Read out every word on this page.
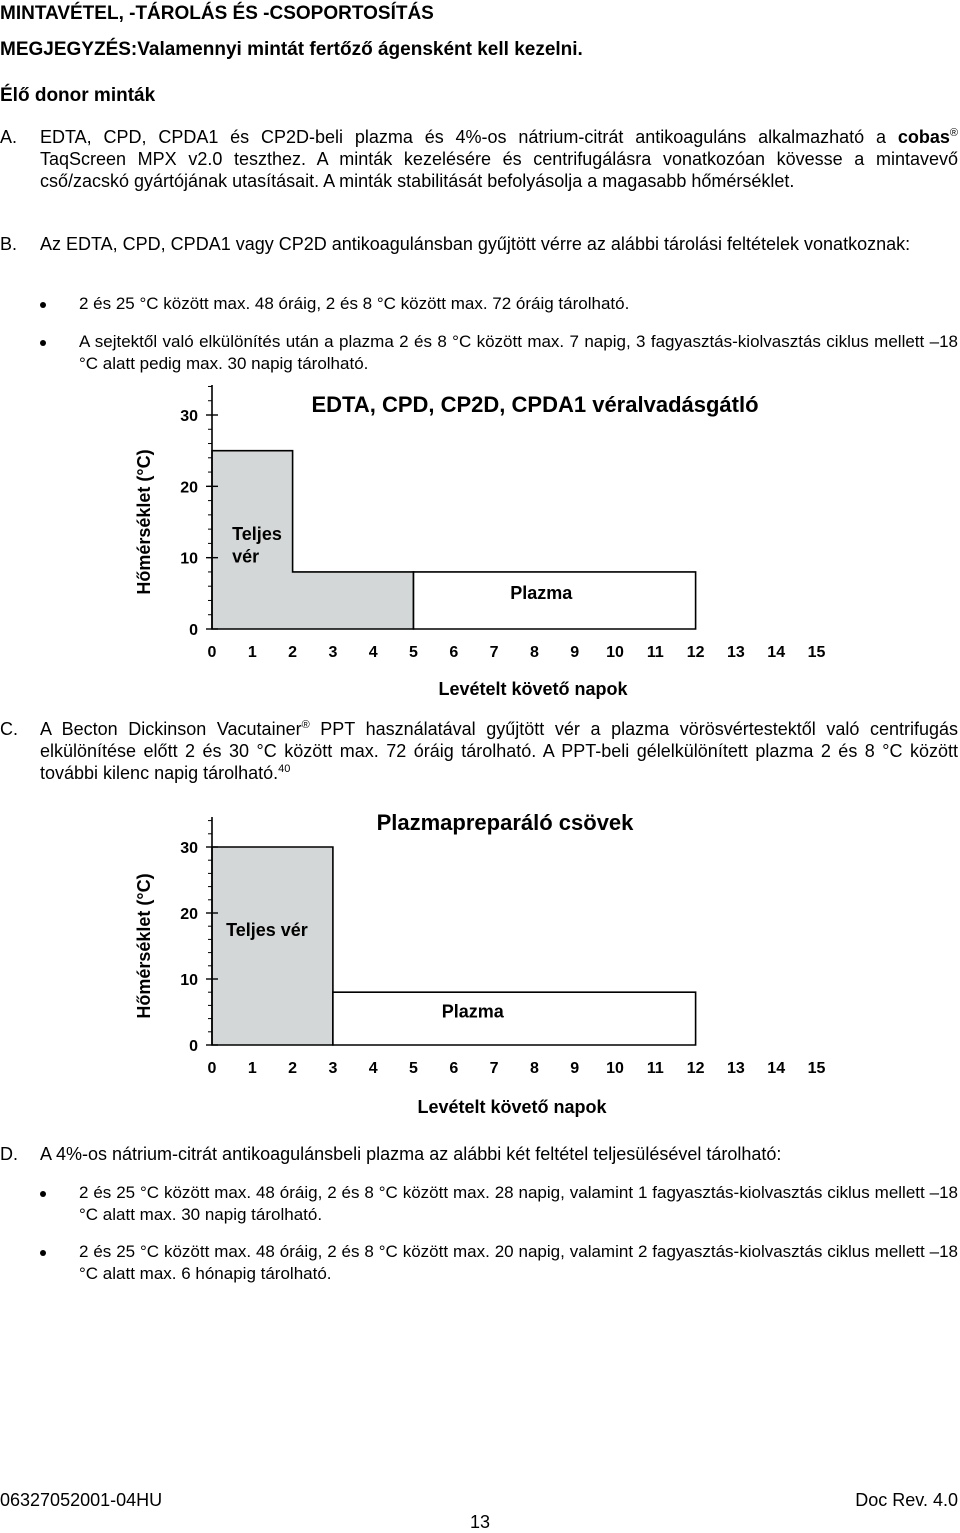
MINTAVÉTEL, -TÁROLÁS ÉS -CSOPORTOSÍTÁS
MEGJEGYZÉS:Valamennyi mintát fertőző ágensként kell kezelni.
Élő donor minták
A. EDTA, CPD, CPDA1 és CP2D-beli plazma és 4%-os nátrium-citrát antikoaguláns alkalmazható a cobas® TaqScreen MPX v2.0 teszthez. A minták kezelésére és centrifugálásra vonatkozóan kövesse a mintavevő cső/zacskó gyártójának utasításait. A minták stabilitását befolyásolja a magasabb hőmérséklet.
B. Az EDTA, CPD, CPDA1 vagy CP2D antikoagulánsban gyűjtött vérre az alábbi tárolási feltételek vonatkoznak:
2 és 25 °C között max. 48 óráig, 2 és 8 °C között max. 72 óráig tárolható.
A sejtektől való elkülönítés után a plazma 2 és 8 °C között max. 7 napig, 3 fagyasztás-kiolvasztás ciklus mellett –18 °C alatt pedig max. 30 napig tárolható.
0
10
20
30
0 1 2 3 4 5 6 7 8 9 10 11 12 13 14 15
EDTA, CPD, CP2D, CPDA1 véralvadásgátló
Hőmérséklet (°C)
Levételt követő napok
Teljes
vér
Plazma
C. A Becton Dickinson Vacutainer® PPT használatával gyűjtött vér a plazma vörösvértestektől való centrifugás elkülönítése előtt 2 és 30 °C között max. 72 óráig tárolható. A PPT-beli gélelkülönített plazma 2 és 8 °C között további kilenc napig tárolható.$^{40}$
0
10
20
30
0 1 2 3 4 5 6 7 8 9 10 11 12 13 14 15
Plazmapreparáló csövek
Hőmérséklet (°C)
Levételt követő napok
Teljes vér
Plazma
D. A 4%-os nátrium-citrát antikoagulánsbeli plazma az alábbi két feltétel teljesülésével tárolható:
2 és 25 °C között max. 48 óráig, 2 és 8 °C között max. 28 napig, valamint 1 fagyasztás-kiolvasztás ciklus mellett –18 °C alatt max. 30 napig tárolható.
2 és 25 °C között max. 48 óráig, 2 és 8 °C között max. 20 napig, valamint 2 fagyasztás-kiolvasztás ciklus mellett –18 °C alatt max. 6 hónapig tárolható.
06327052001-04HU
13
Doc Rev. 4.0
